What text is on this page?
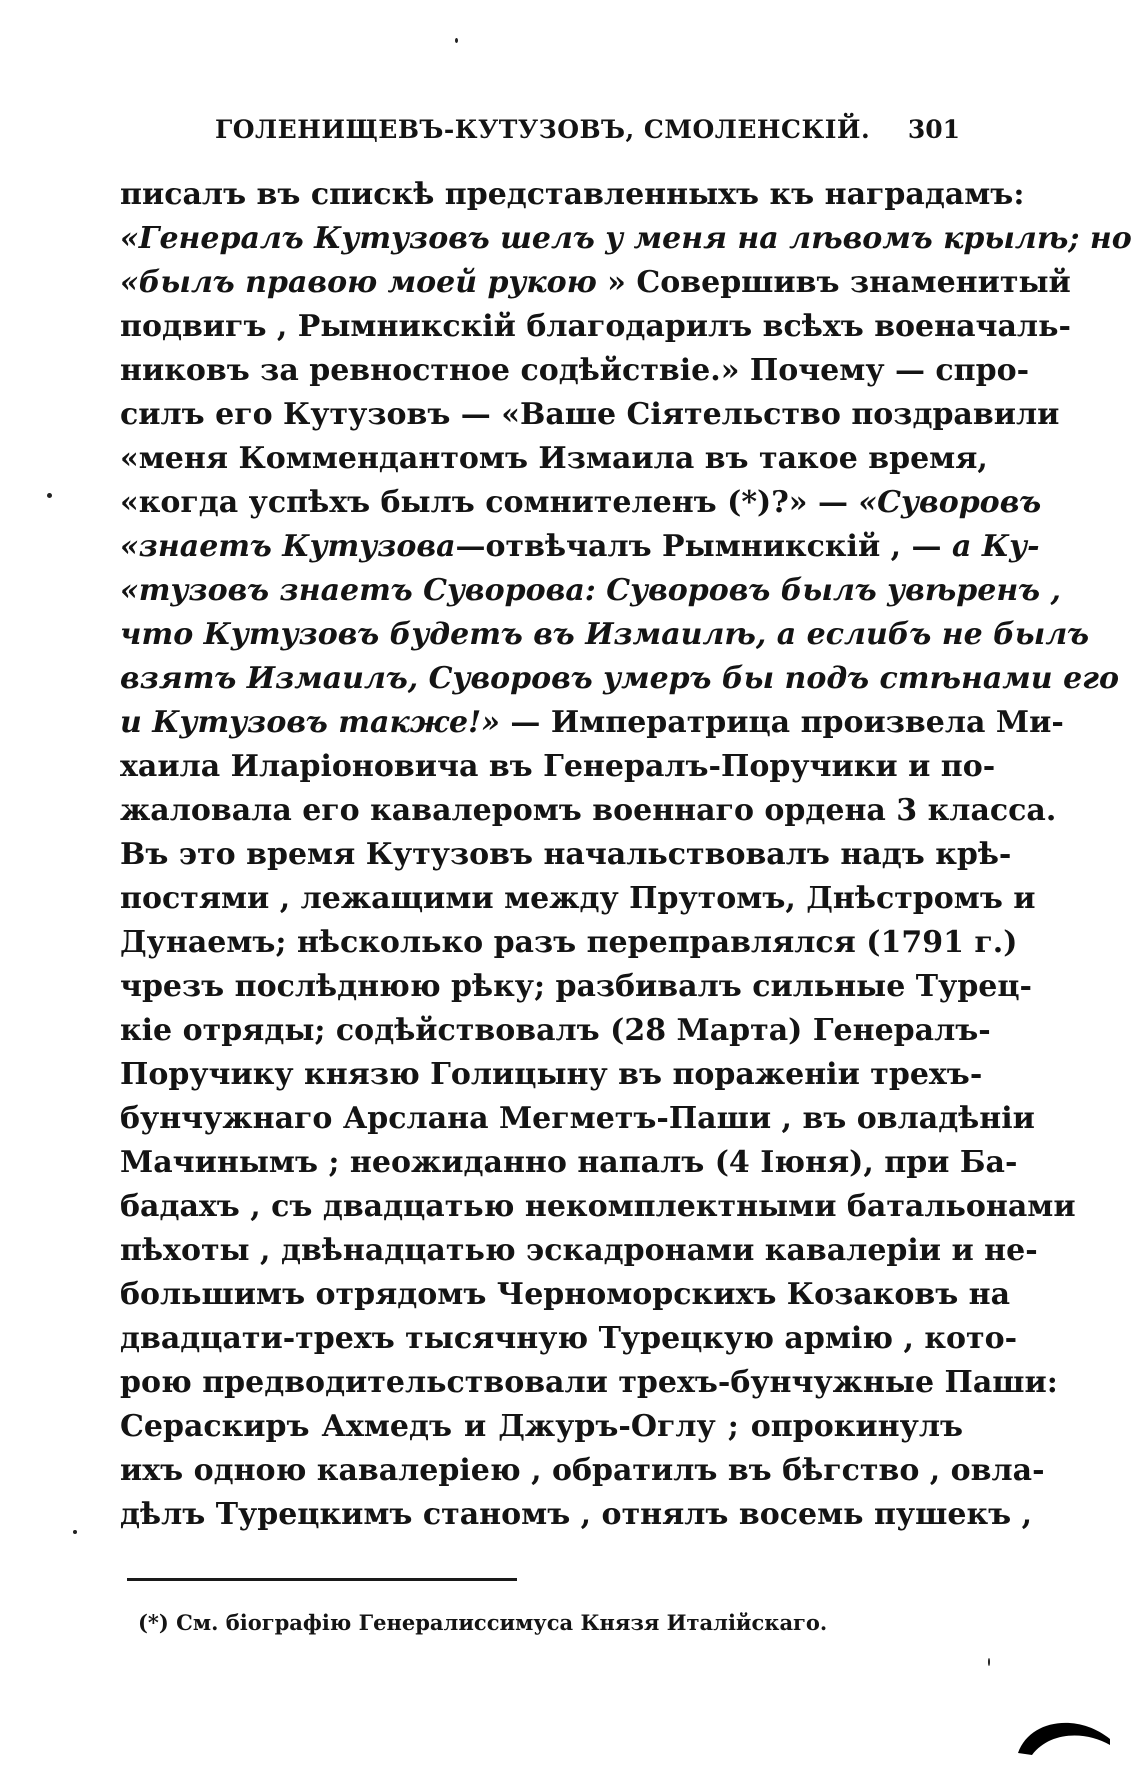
ГОЛЕНИЩЕВЪ-КУТУЗОВЪ, СМОЛЕНСКІЙ. 301
писалъ въ спискѣ представленныхъ къ наградамъ:
«Генералъ Кутузовъ шелъ у меня на лѣвомъ крылѣ; но
«былъ правою моей рукою » Совершивъ знаменитый
подвигъ , Рымникскій благодарилъ всѣхъ военачаль-
никовъ за ревностное содѣйствіе.» Почему — спро-
силъ его Кутузовъ — «Ваше Сіятельство поздравили
«меня Коммендантомъ Измаила въ такое время,
«когда успѣхъ былъ сомнителенъ (*)?» — «Суворовъ
«знаетъ Кутузова—отвѣчалъ Рымникскій , — а Ку-
«тузовъ знаетъ Суворова: Суворовъ былъ увѣренъ ,
что Кутузовъ будетъ въ Измаилѣ, а еслибъ не былъ
взятъ Измаилъ, Суворовъ умеръ бы подъ стѣнами его
и Кутузовъ также!» — Императрица произвела Ми-
хаила Иларіоновича въ Генералъ-Поручики и по-
жаловала его кавалеромъ военнаго ордена 3 класса.
Въ это время Кутузовъ начальствовалъ надъ крѣ-
постями , лежащими между Прутомъ, Днѣстромъ и
Дунаемъ; нѣсколько разъ переправлялся (1791 г.)
чрезъ послѣднюю рѣку; разбивалъ сильные Турец-
кіе отряды; содѣйствовалъ (28 Марта) Генералъ-
Поручику князю Голицыну въ пораженіи трехъ-
бунчужнаго Арслана Мегметъ-Паши , въ овладѣніи
Мачинымъ ; неожиданно напалъ (4 Іюня), при Ба-
бадахъ , съ двадцатью некомплектными батальонами
пѣхоты , двѣнадцатью эскадронами кавалеріи и не-
большимъ отрядомъ Черноморскихъ Козаковъ на
двадцати-трехъ тысячную Турецкую армію , кото-
рою предводительствовали трехъ-бунчужные Паши:
Сераскиръ Ахмедъ и Джуръ-Оглу ; опрокинулъ
ихъ одною кавалеріею , обратилъ въ бѣгство , овла-
дѣлъ Турецкимъ станомъ , отнялъ восемь пушекъ ,
(*) См. біографію Генералиссимуса Князя Италійскаго.
